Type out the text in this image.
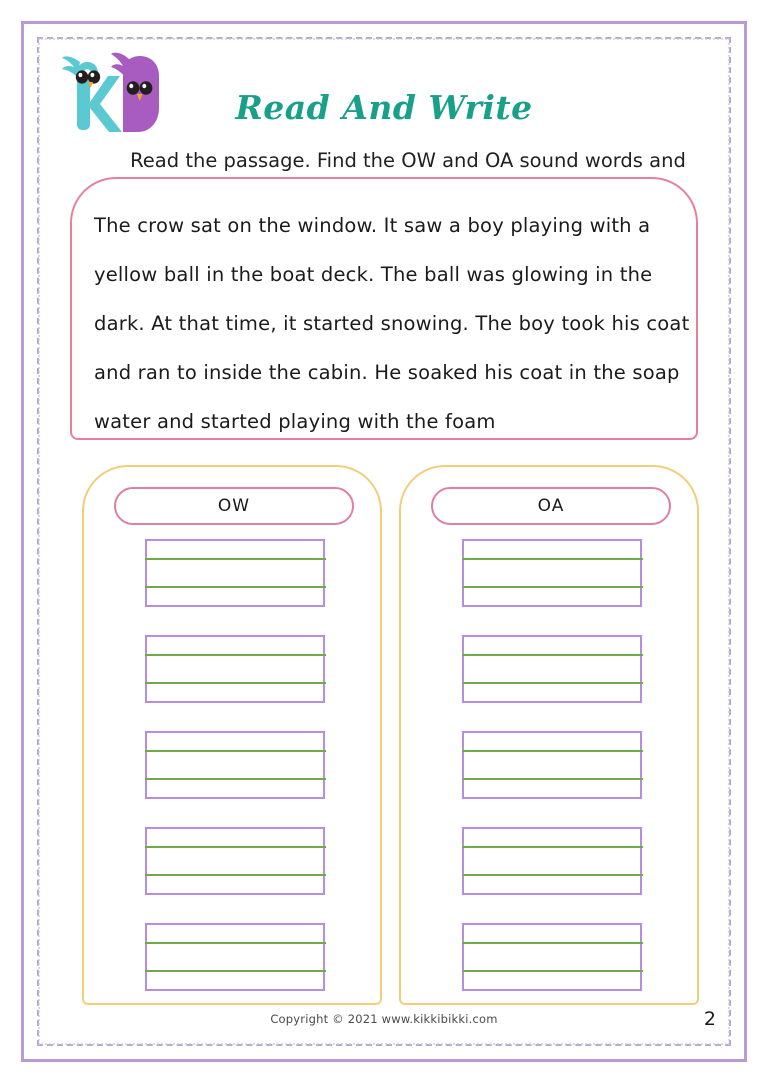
Read And Write
Read the passage. Find the OW and OA sound words and
The crow sat on the window. It saw a boy playing with a
yellow ball in the boat deck. The ball was glowing in the
dark. At that time, it started snowing. The boy took his coat
and ran to inside the cabin. He soaked his coat in the soap
water and started playing with the foam
OW	OA
Copyright © 2021 www.kikkibikki.com	2
